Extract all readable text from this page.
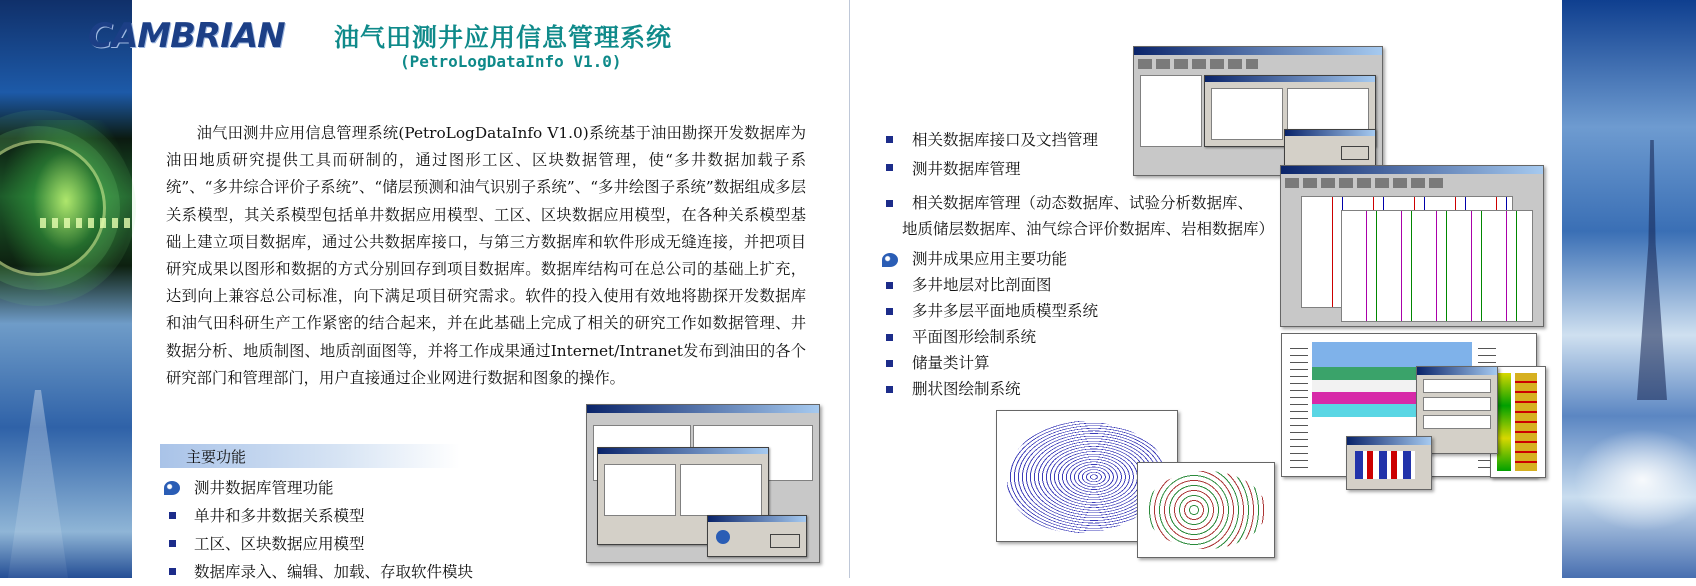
CAMBRIAN 油气田测井应用信息管理系统
(PetroLogDataInfo V1.0)

油气田测井应用信息管理系统(PetroLogDataInfo V1.0)系统基于油田勘探开发数据库为油田地质研究提供工具而研制的，通过图形工区、区块数据管理，使“多井数据加载子系统”、“多井综合评价子系统”、“储层预测和油气识别子系统”、“多井绘图子系统”数据组成多层关系模型，其关系模型包括单井数据应用模型、工区、区块数据应用模型，在各种关系模型基础上建立项目数据库，通过公共数据库接口，与第三方数据库和软件形成无缝连接，并把项目研究成果以图形和数据的方式分别回存到项目数据库。数据库结构可在总公司的基础上扩充，达到向上兼容总公司标准，向下满足项目研究需求。软件的投入使用有效地将勘探开发数据库和油气田科研生产工作紧密的结合起来，并在此基础上完成了相关的研究工作如数据管理、井数据分析、地质制图、地质剖面图等，并将工作成果通过Internet/Intranet发布到油田的各个研究部门和管理部门，用户直接通过企业网进行数据和图象的操作。

主要功能
测井数据库管理功能
单井和多井数据关系模型
工区、区块数据应用模型
数据库录入、编辑、加载、存取软件模块
相关数据库接口及文挡管理
测井数据库管理
相关数据库管理（动态数据库、试验分析数据库、
地质储层数据库、油气综合评价数据库、岩相数据库）
测井成果应用主要功能
多井地层对比剖面图
多井多层平面地质模型系统
平面图形绘制系统
储量类计算
删状图绘制系统
